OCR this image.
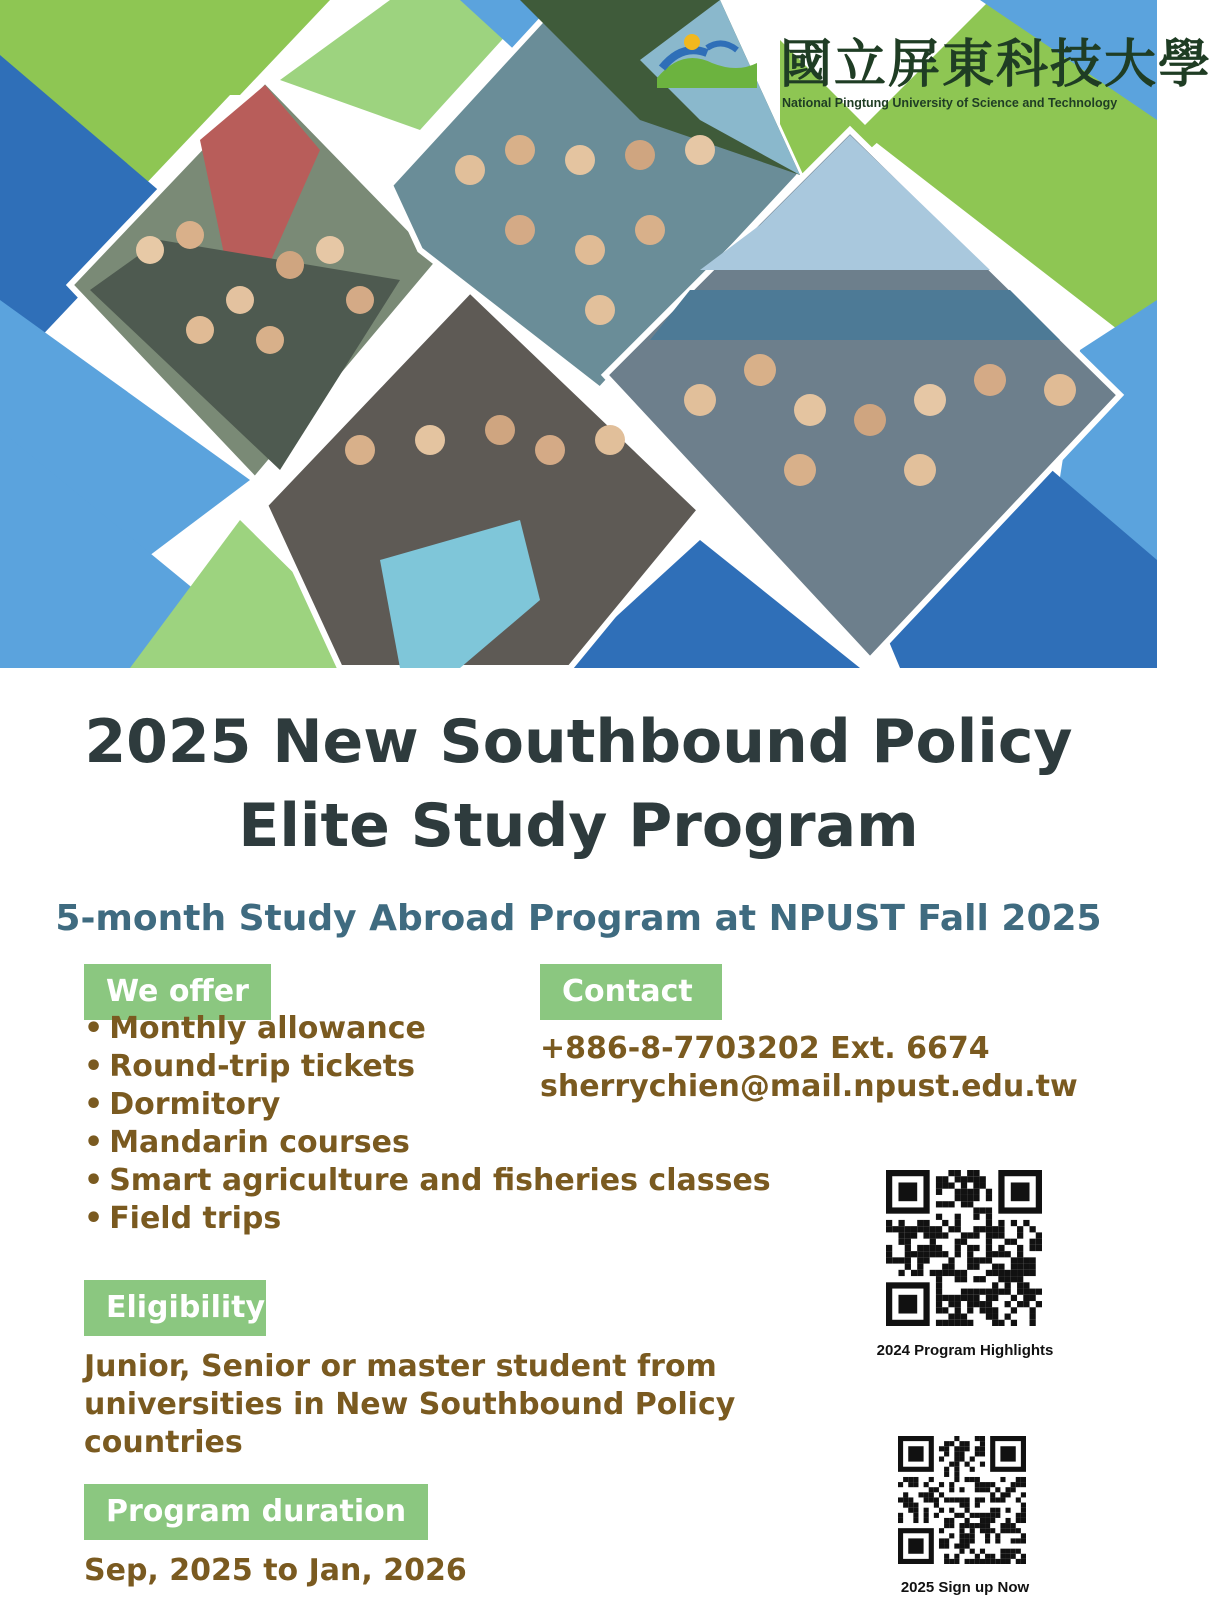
國立屏東科技大學
National Pingtung University of Science and Technology
2025 New Southbound Policy
Elite Study Program
5-month Study Abroad Program at NPUST Fall 2025
We offer
• Monthly allowance
• Round-trip tickets
• Dormitory
• Mandarin courses
• Smart agriculture and fisheries classes
• Field trips
Contact
+886-8-7703202 Ext. 6674
sherrychien@mail.npust.edu.tw
Eligibility
Junior, Senior or master student from
universities in New Southbound Policy
countries
Program duration
Sep, 2025 to Jan, 2026
2024 Program Highlights
2025 Sign up Now
